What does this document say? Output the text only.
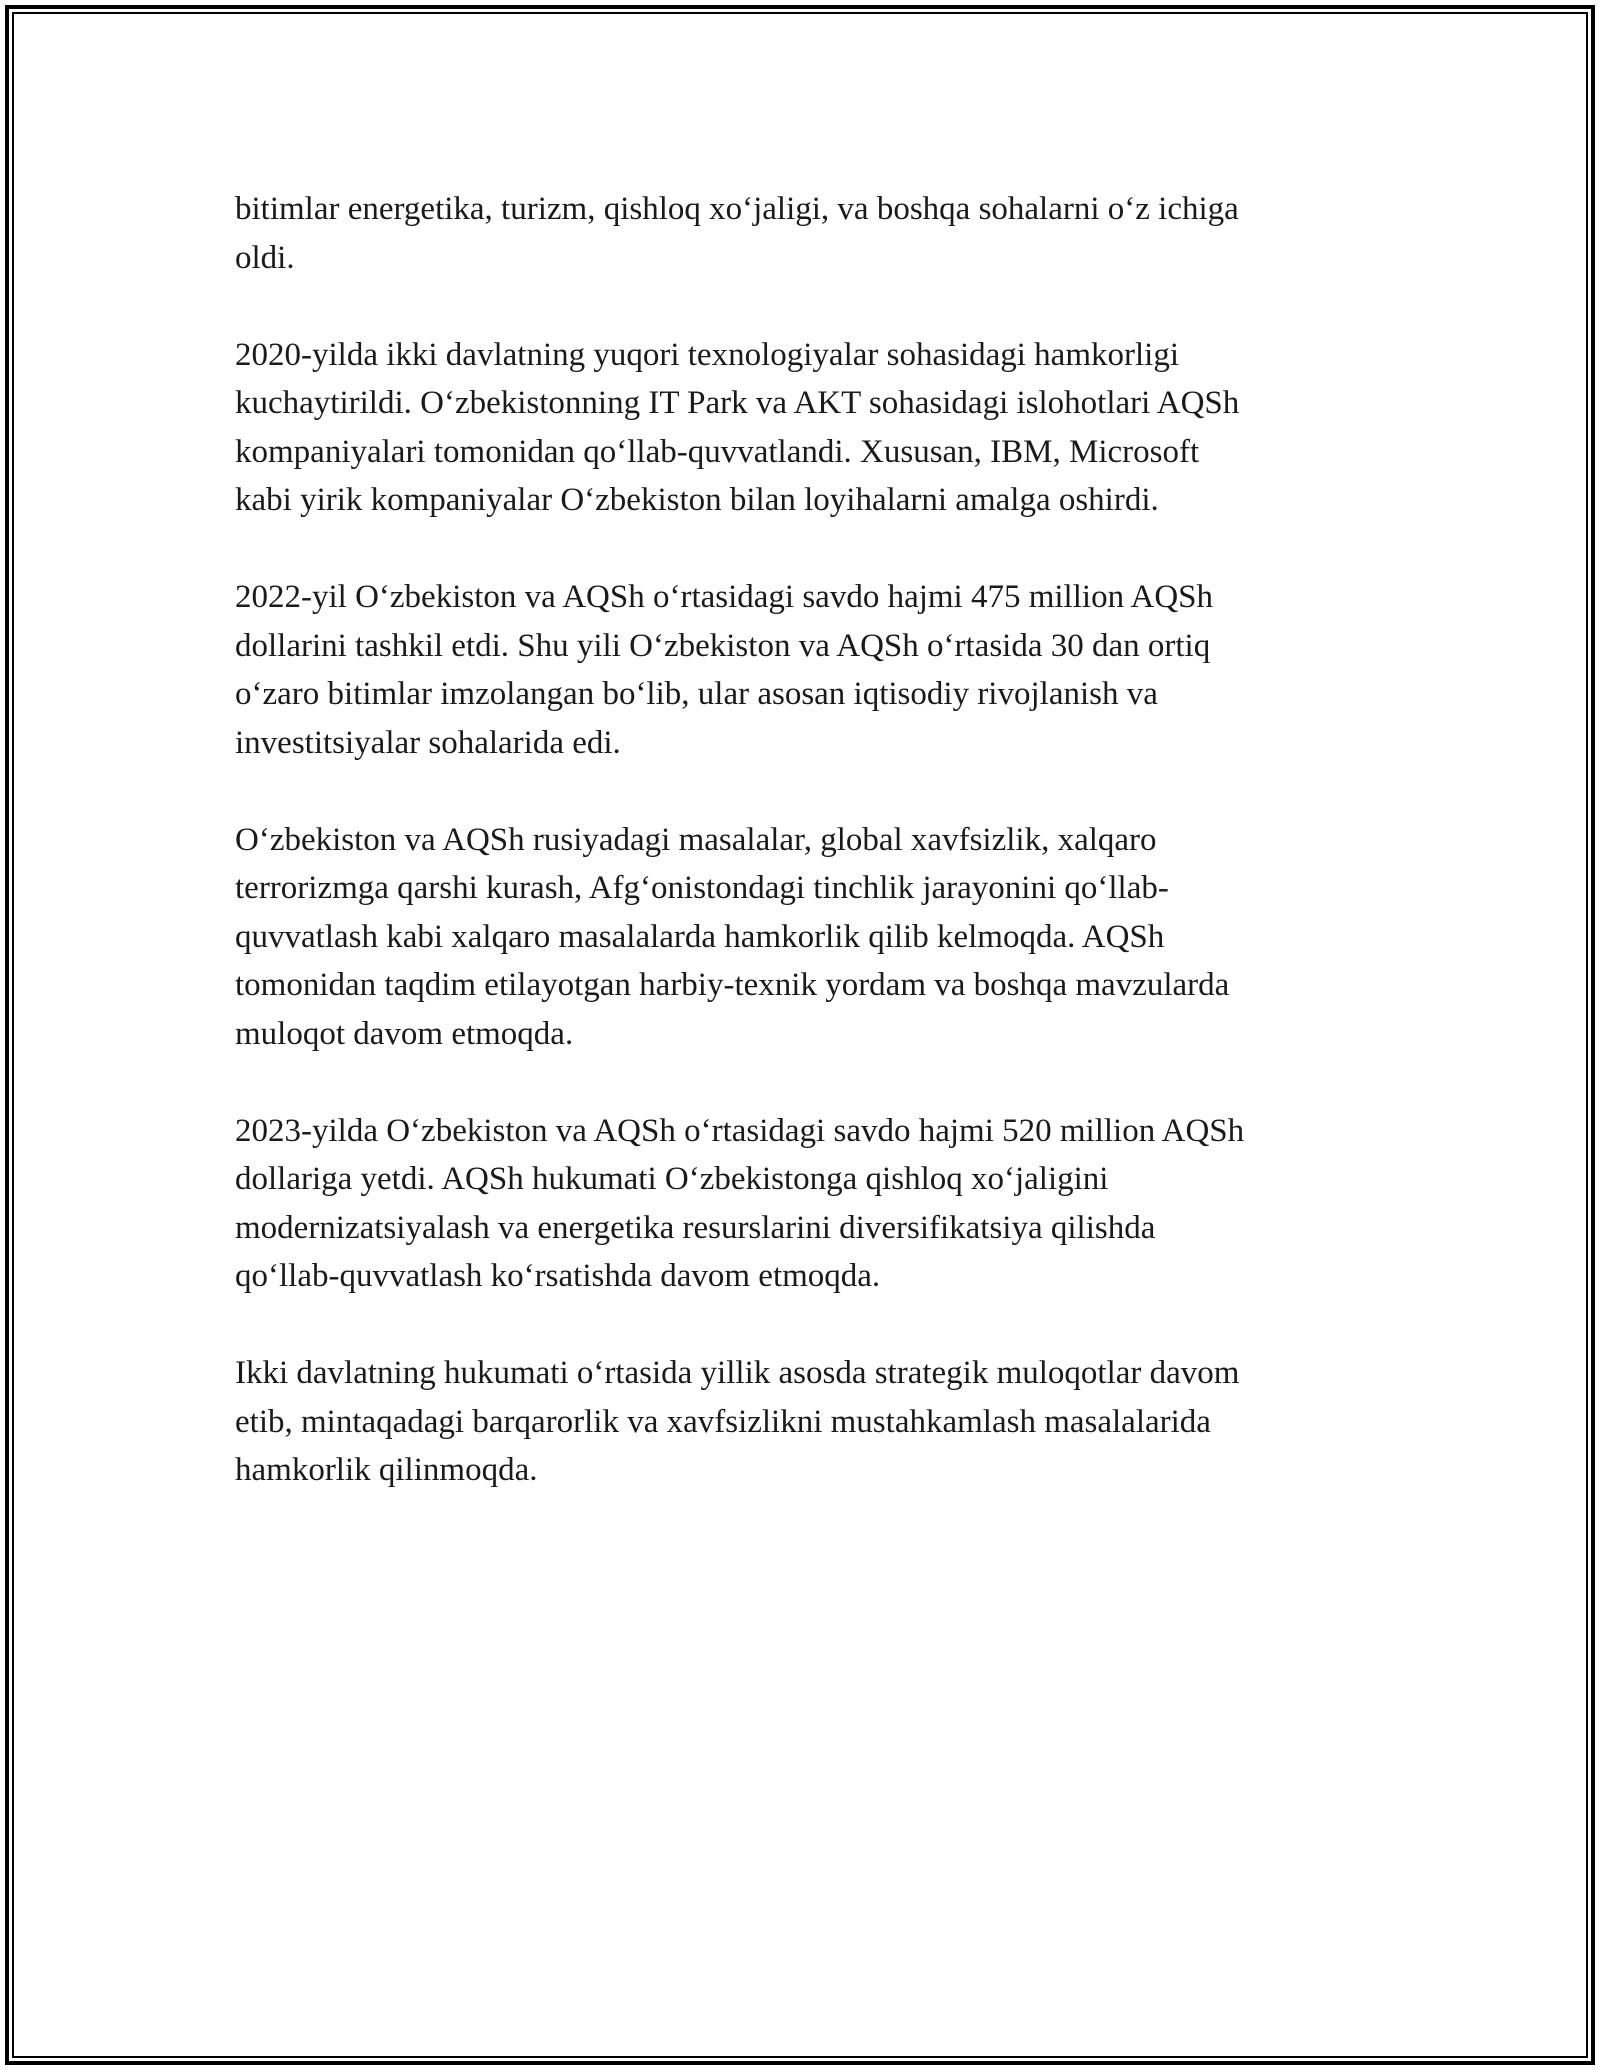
bitimlar energetika, turizm, qishloq xo‘jaligi, va boshqa sohalarni o‘z ichiga
oldi.

2020-yilda ikki davlatning yuqori texnologiyalar sohasidagi hamkorligi
kuchaytirildi. O‘zbekistonning IT Park va AKT sohasidagi islohotlari AQSh
kompaniyalari tomonidan qo‘llab-quvvatlandi. Xususan, IBM, Microsoft
kabi yirik kompaniyalar O‘zbekiston bilan loyihalarni amalga oshirdi.

2022-yil O‘zbekiston va AQSh o‘rtasidagi savdo hajmi 475 million AQSh
dollarini tashkil etdi. Shu yili O‘zbekiston va AQSh o‘rtasida 30 dan ortiq
o‘zaro bitimlar imzolangan bo‘lib, ular asosan iqtisodiy rivojlanish va
investitsiyalar sohalarida edi.

O‘zbekiston va AQSh rusiyadagi masalalar, global xavfsizlik, xalqaro
terrorizmga qarshi kurash, Afg‘onistondagi tinchlik jarayonini qo‘llab-
quvvatlash kabi xalqaro masalalarda hamkorlik qilib kelmoqda. AQSh
tomonidan taqdim etilayotgan harbiy-texnik yordam va boshqa mavzularda
muloqot davom etmoqda.

2023-yilda O‘zbekiston va AQSh o‘rtasidagi savdo hajmi 520 million AQSh
dollariga yetdi. AQSh hukumati O‘zbekistonga qishloq xo‘jaligini
modernizatsiyalash va energetika resurslarini diversifikatsiya qilishda
qo‘llab-quvvatlash ko‘rsatishda davom etmoqda.

Ikki davlatning hukumati o‘rtasida yillik asosda strategik muloqotlar davom
etib, mintaqadagi barqarorlik va xavfsizlikni mustahkamlash masalalarida
hamkorlik qilinmoqda.
